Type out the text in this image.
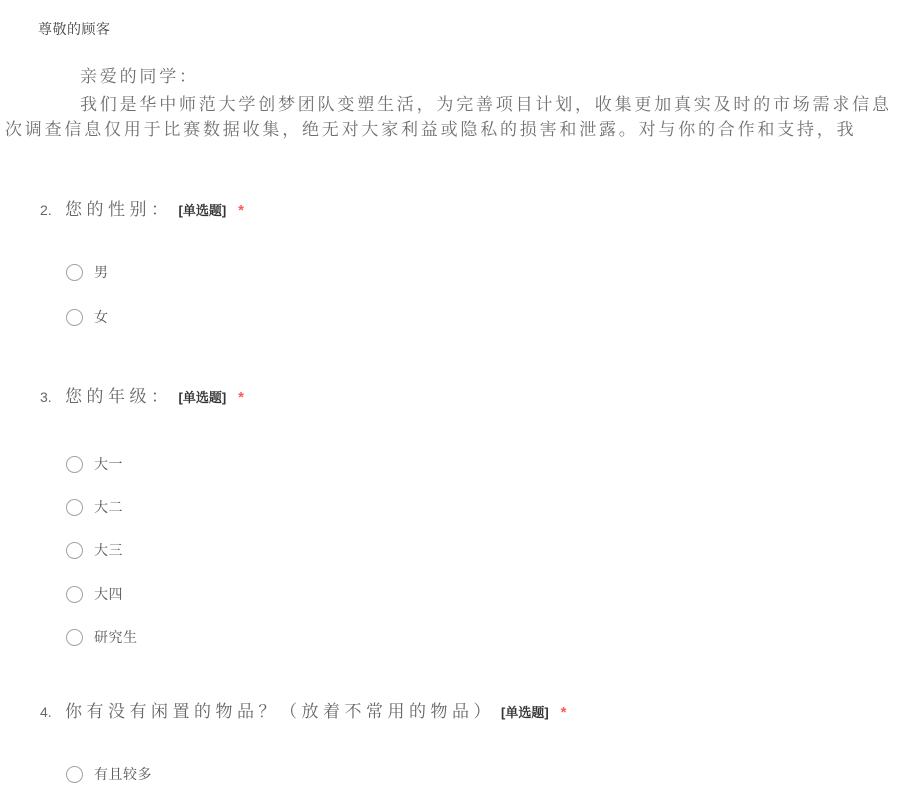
尊敬的顾客
亲爱的同学：
我们是华中师范大学创梦团队变塑生活，为完善项目计划，收集更加真实及时的市场需求信息
次调查信息仅用于比赛数据收集，绝无对大家利益或隐私的损害和泄露。对与你的合作和支持，我
2. 您的性别： [单选题] *
男
女
3. 您的年级： [单选题] *
大一
大二
大三
大四
研究生
4. 你有没有闲置的物品？（放着不常用的物品） [单选题] *
有且较多
